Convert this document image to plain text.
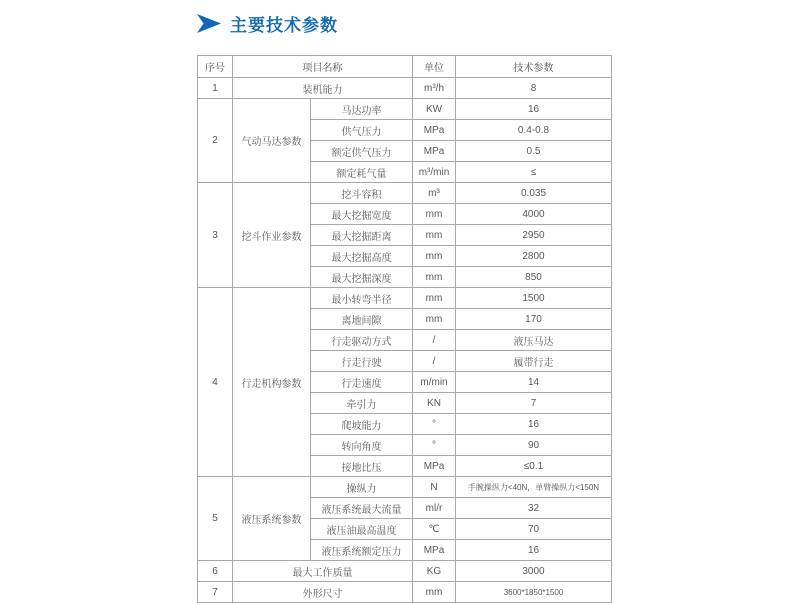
主要技术参数
序号	项目名称		单位	技术参数
1	装机能力		m³/h	8
2	气动马达参数	马达功率	KW	16
		供气压力	MPa	0.4-0.8
		额定供气压力	MPa	0.5
		额定耗气量	m³/min	≤
3	挖斗作业参数	挖斗容积	m³	0.035
		最大挖掘宽度	mm	4000
		最大挖掘距离	mm	2950
		最大挖掘高度	mm	2800
		最大挖掘深度	mm	850
4	行走机构参数	最小转弯半径	mm	1500
		离地间隙	mm	170
		行走驱动方式	/	液压马达
		行走行驶	/	履带行走
		行走速度	m/min	14
		牵引力	KN	7
		爬坡能力	°	16
		转向角度	°	90
		接地比压	MPa	≤0.1
5	液压系统参数	操纵力	N	手腕操纵力<40N，单臂操纵力<150N
		液压系统最大流量	ml/r	32
		液压油最高温度	℃	70
		液压系统额定压力	MPa	16
6	最大工作质量		KG	3000
7	外形尺寸		mm	3600*1850*1500
